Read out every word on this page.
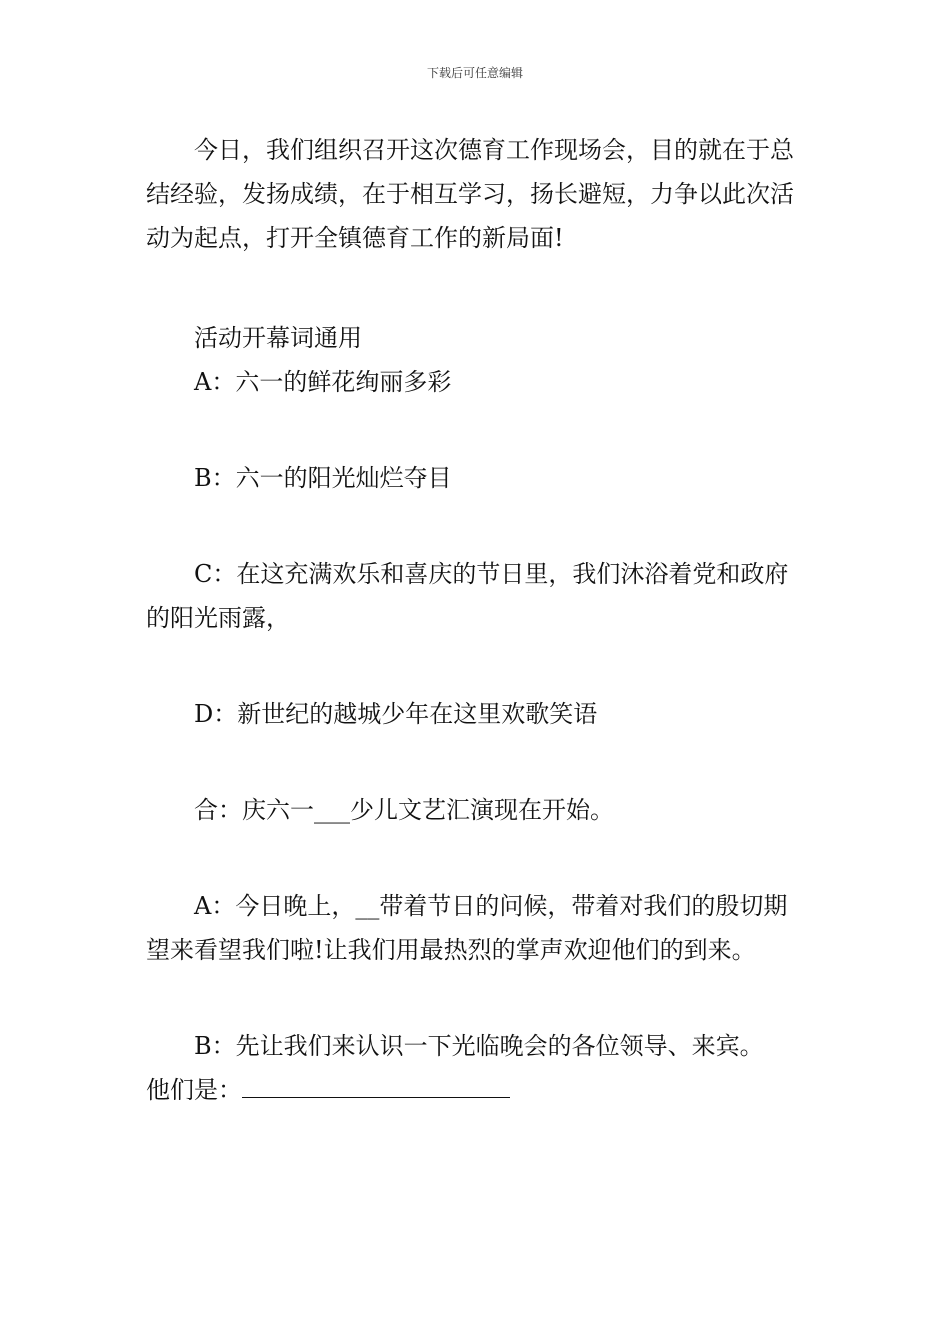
下载后可任意编辑

今日，我们组织召开这次德育工作现场会，目的就在于总结经验，发扬成绩，在于相互学习，扬长避短，力争以此次活动为起点，打开全镇德育工作的新局面!

活动开幕词通用

A：六一的鲜花绚丽多彩

B：六一的阳光灿烂夺目

C：在这充满欢乐和喜庆的节日里，我们沐浴着党和政府的阳光雨露，

D：新世纪的越城少年在这里欢歌笑语

合：庆六一___少儿文艺汇演现在开始。

A：今日晚上，__带着节日的问候，带着对我们的殷切期望来看望我们啦!让我们用最热烈的掌声欢迎他们的到来。

B：先让我们来认识一下光临晚会的各位领导、来宾。

他们是：
